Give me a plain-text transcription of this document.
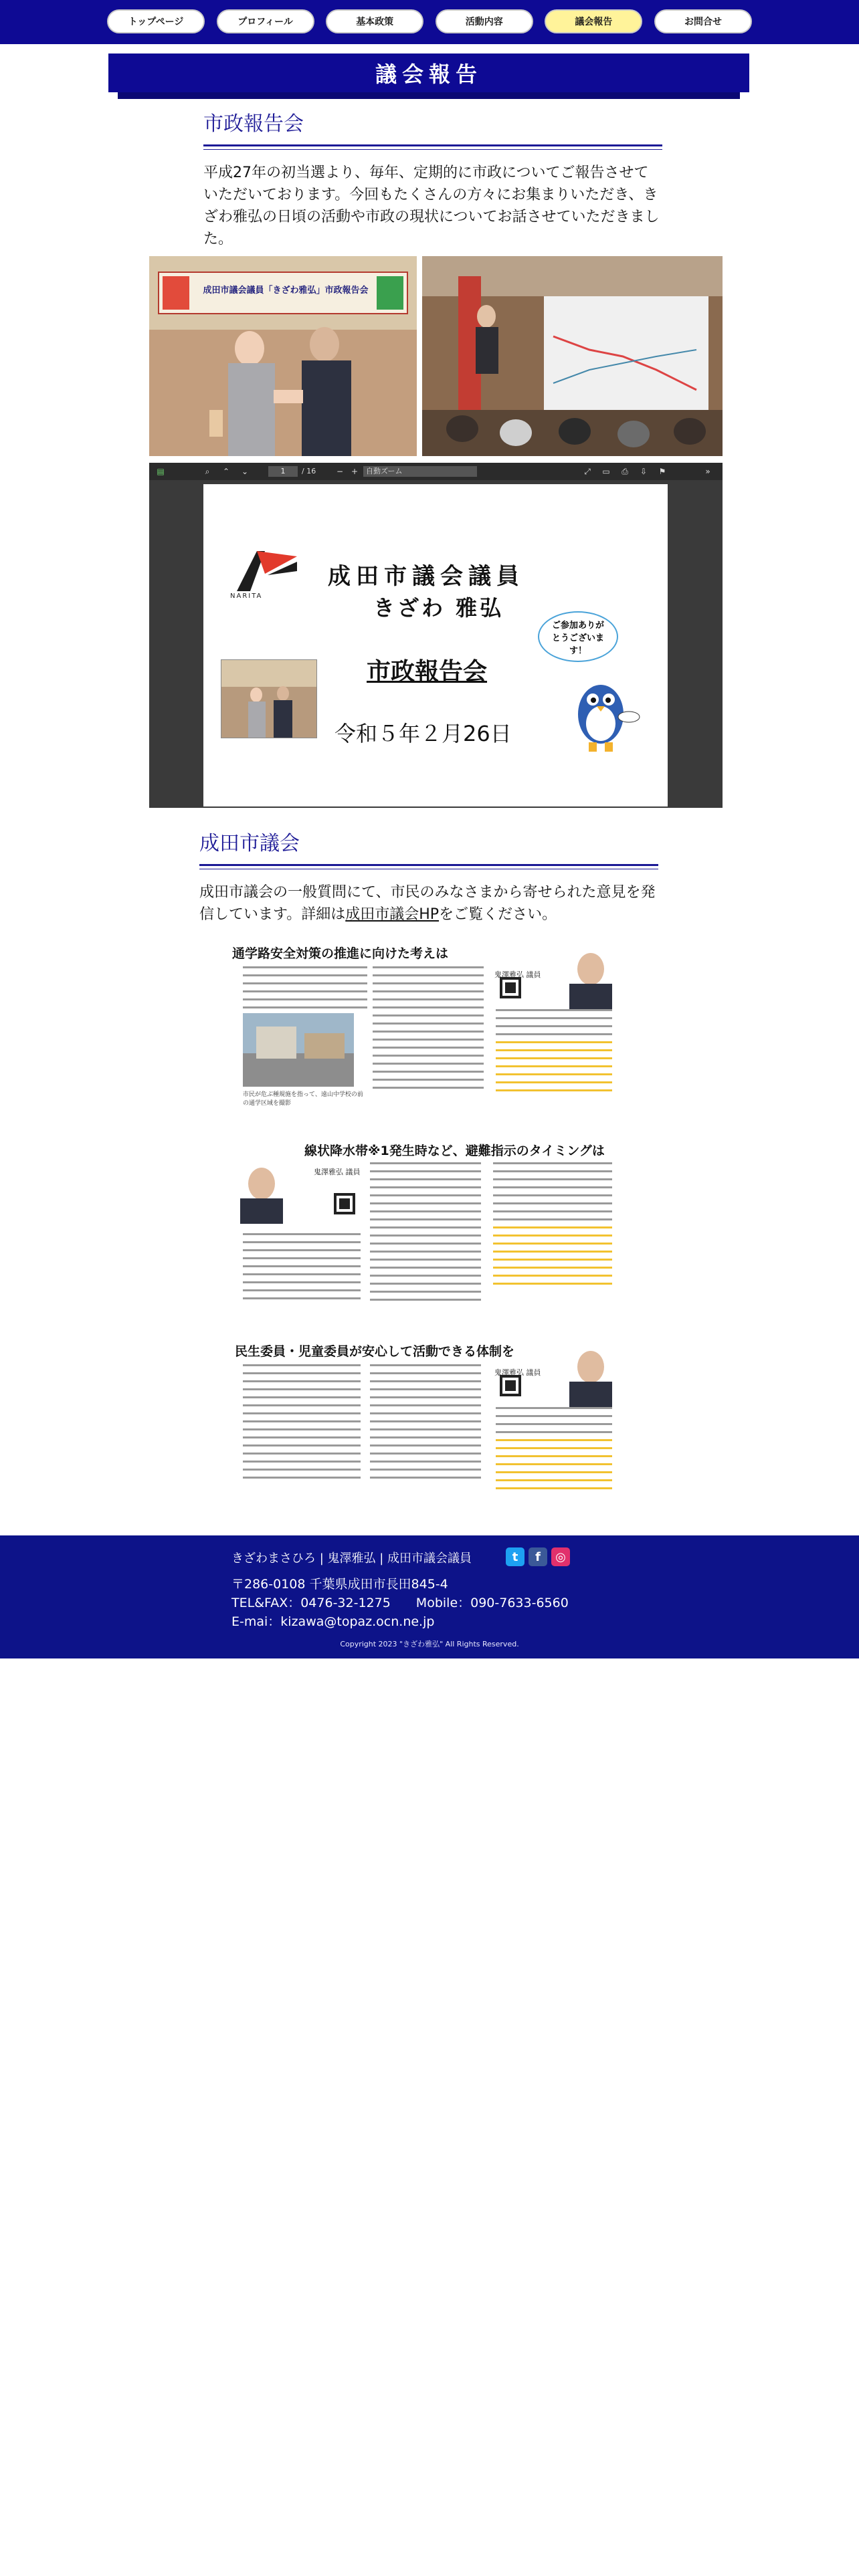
トップページ	プロフィール	基本政策	活動内容	議会報告	お問合せ
議会報告
市政報告会
平成27年の初当選より、毎年、定期的に市政についてご報告させていただいております。今回もたくさんの方々にお集まりいただき、きざわ雅弘の日頃の活動や市政の現状についてお話させていただきました。
成田市議会議員「きざわ雅弘」市政報告会
▤	⌕	⌃ ⌄	1	/ 16	− +	自動ズーム	⤢ ▭ ⎙ ⇩ ⚑	»
NARITA
成田市議会議員
きざわ 雅弘
市政報告会
令和５年２月26日
ご参加ありがとうございます！
成田市議会
成田市議会の一般質問にて、市民のみなさまから寄せられた意見を発信しています。詳細は成田市議会HPをご覧ください。
通学路安全対策の推進に向けた考えは
鬼澤雅弘 議員
市民が危ぶ種規施を指って、遠山中学校の前の通学区域を撮影
線状降水帯※1発生時など、避難指示のタイミングは
鬼澤雅弘 議員
民生委員・児童委員が安心して活動できる体制を
鬼澤雅弘 議員
きざわまさひろ | 鬼澤雅弘 | 成田市議会議員	t	f	◎
〒286-0108 千葉県成田市長田845-4
TEL&FAX：0476-32-1275　　Mobile：090-7633-6560
E-mai：kizawa@topaz.ocn.ne.jp
Copyright 2023 "きざわ雅弘" All Rights Reserved.
